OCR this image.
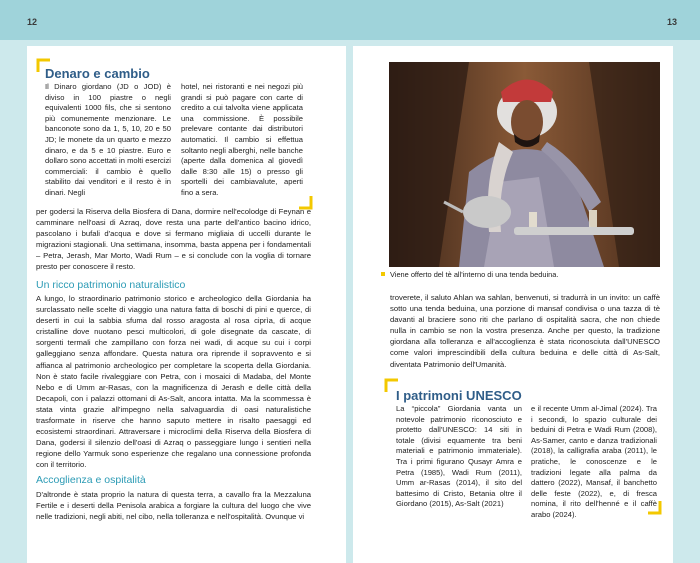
12	13
Denaro e cambio
Il Dinaro giordano (JD o JOD) è diviso in 100 piastre o negli equivalenti 1000 fils, che si sentono più comunemente menzionare. Le banconote sono da 1, 5, 10, 20 e 50 JD; le monete da un quarto e mezzo dinaro, e da 5 e 10 piastre. Euro e dollaro sono accettati in molti esercizi commerciali: il cambio è quello stabilito dai venditori e il resto è in dinari. Negli
hotel, nei ristoranti e nei negozi più grandi si può pagare con carte di credito a cui talvolta viene applicata una commissione. È possibile prelevare contante dai distributori automatici. Il cambio si effettua soltanto negli alberghi, nelle banche (aperte dalla domenica al giovedì dalle 8:30 alle 15) o presso gli sportelli dei cambiavalute, aperti fino a sera.
per godersi la Riserva della Biosfera di Dana, dormire nell'ecolodge di Feynan e camminare nell'oasi di Azraq, dove resta una parte dell'antico bacino idrico, pascolano i bufali d'acqua e dove si fermano migliaia di uccelli durante le migrazioni stagionali. Una settimana, insomma, basta appena per i fondamentali – Petra, Jerash, Mar Morto, Wadi Rum – e si conclude con la voglia di tornare presto per conoscere il resto.
Un ricco patrimonio naturalistico
A lungo, lo straordinario patrimonio storico e archeologico della Giordania ha surclassato nelle scelte di viaggio una natura fatta di boschi di pini e querce, di deserti in cui la sabbia sfuma dal rosso aragosta al rosa ciprìa, di acque cristalline dove nuotano pesci multicolori, di gole disegnate da cascate, di sorgenti termali che zampillano con forza nei wadi, di acque su cui i corpi galleggiano senza affondare. Questa natura ora riprende il sopravvento e si affianca al patrimonio archeologico per completare la scoperta della Giordania. Non è stato facile rivaleggiare con Petra, con i mosaici di Madaba, del Monte Nebo e di Umm ar-Rasas, con la magnificenza di Jerash e delle città della Decapoli, con i palazzi ottomani di As-Salt, ancora intatta. Ma la scommessa è stata vinta grazie all'impegno nella salvaguardia di oasi naturalistiche trasformate in riserve che hanno saputo mettere in risalto paesaggi ed ecosistemi straordinari. Attraversare i microclimi della Riserva della Biosfera di Dana, godersi il silenzio dell'oasi di Azraq o passeggiare lungo i sentieri nella regione dello Yarmuk sono esperienze che regalano una connessione profonda con il territorio.
Accoglienza e ospitalità
D'altronde è stata proprio la natura di questa terra, a cavallo fra la Mezzaluna Fertile e i deserti della Penisola arabica a forgiare la cultura del luogo che vive nelle tradizioni, negli abiti, nel cibo, nella tolleranza e nell'ospitalità. Ovunque vi
Viene offerto del tè all'interno di una tenda beduina.
troverete, il saluto Ahlan wa sahlan, benvenuti, si tradurrà in un invito: un caffè sotto una tenda beduina, una porzione di mansaf condivisa o una tazza di tè davanti al braciere sono riti che parlano di ospitalità sacra, che non chiede nulla in cambio se non la vostra presenza. Anche per questo, la tradizione giordana alla tolleranza e all'accoglienza è stata riconosciuta dall'UNESCO come valori imprescindibili della cultura beduina e delle città di As-Salt, diventata Patrimonio dell'Umanità.
I patrimoni UNESCO
La “piccola” Giordania vanta un notevole patrimonio riconosciuto e protetto dall'UNESCO: 14 siti in totale (divisi equamente tra beni materiali e patrimonio immateriale). Tra i primi figurano Qusayr Amra e Petra (1985), Wadi Rum (2011), Umm ar-Rasas (2014), il sito del battesimo di Cristo, Betania oltre il Giordano (2015), As-Salt (2021)
e il recente Umm al-Jimal (2024). Tra i secondi, lo spazio culturale dei beduini di Petra e Wadi Rum (2008), As-Samer, canto e danza tradizionali (2018), la calligrafia araba (2011), le pratiche, le conoscenze e le tradizioni legate alla palma da dattero (2022), Mansaf, il banchetto delle feste (2022), e, di fresca nomina, il rito dell'henné e il caffè arabo (2024).
